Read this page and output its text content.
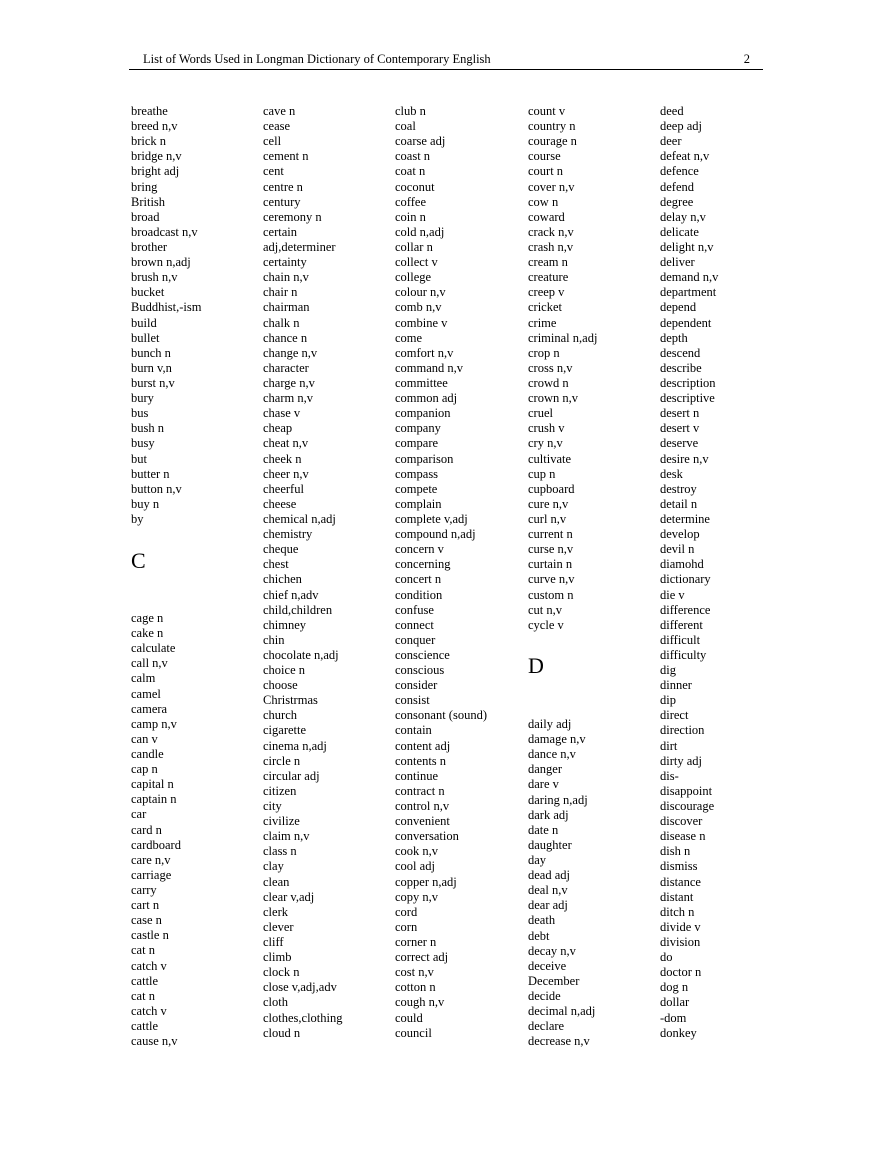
List of Words Used in Longman Dictionary of Contemporary English	2
breathe
breed n,v
brick n
bridge n,v
bright adj
bring
British
broad
broadcast n,v
brother
brown n,adj
brush n,v
bucket
Buddhist,-ism
build
bullet
bunch n
burn v,n
burst n,v
bury
bus
bush n
busy
but
butter n
button n,v
buy n
by
C
cage n
cake n
calculate
call n,v
calm
camel
camera
camp n,v
can v
candle
cap n
capital n
captain n
car
card n
cardboard
care n,v
carriage
carry
cart n
case n
castle n
cat n
catch v
cattle
cat n
catch v
cattle
cause n,v
cave n
cease
cell
cement n
cent
centre n
century
ceremony n
certain
adj,determiner
certainty
chain n,v
chair n
chairman
chalk n
chance n
change n,v
character
charge n,v
charm n,v
chase v
cheap
cheat n,v
cheek n
cheer n,v
cheerful
cheese
chemical n,adj
chemistry
cheque
chest
chichen
chief n,adv
child,children
chimney
chin
chocolate n,adj
choice n
choose
Christrmas
church
cigarette
cinema n,adj
circle n
circular adj
citizen
city
civilize
claim n,v
class n
clay
clean
clear v,adj
clerk
clever
cliff
climb
clock n
close v,adj,adv
cloth
clothes,clothing
cloud n
club n
coal
coarse adj
coast n
coat n
coconut
coffee
coin n
cold n,adj
collar n
collect v
college
colour n,v
comb n,v
combine v
come
comfort n,v
command n,v
committee
common adj
companion
company
compare
comparison
compass
compete
complain
complete v,adj
compound n,adj
concern v
concerning
concert n
condition
confuse
connect
conquer
conscience
conscious
consider
consist
consonant (sound)
contain
content adj
contents n
continue
contract n
control n,v
convenient
conversation
cook n,v
cool adj
copper n,adj
copy n,v
cord
corn
corner n
correct adj
cost n,v
cotton n
cough n,v
could
council
count v
country n
courage n
course
court n
cover n,v
cow n
coward
crack n,v
crash n,v
cream n
creature
creep v
cricket
crime
criminal n,adj
crop n
cross n,v
crowd n
crown n,v
cruel
crush v
cry n,v
cultivate
cup n
cupboard
cure n,v
curl n,v
current n
curse n,v
curtain n
curve n,v
custom n
cut n,v
cycle v
D
daily adj
damage n,v
dance n,v
danger
dare v
daring n,adj
dark adj
date n
daughter
day
dead adj
deal n,v
dear adj
death
debt
decay n,v
deceive
December
decide
decimal n,adj
declare
decrease n,v
deed
deep adj
deer
defeat n,v
defence
defend
degree
delay n,v
delicate
delight n,v
deliver
demand n,v
department
depend
dependent
depth
descend
describe
description
descriptive
desert n
desert v
deserve
desire n,v
desk
destroy
detail n
determine
develop
devil n
diamohd
dictionary
die v
difference
different
difficult
difficulty
dig
dinner
dip
direct
direction
dirt
dirty adj
dis-
disappoint
discourage
discover
disease n
dish n
dismiss
distance
distant
ditch n
divide v
division
do
doctor n
dog n
dollar
-dom
donkey
